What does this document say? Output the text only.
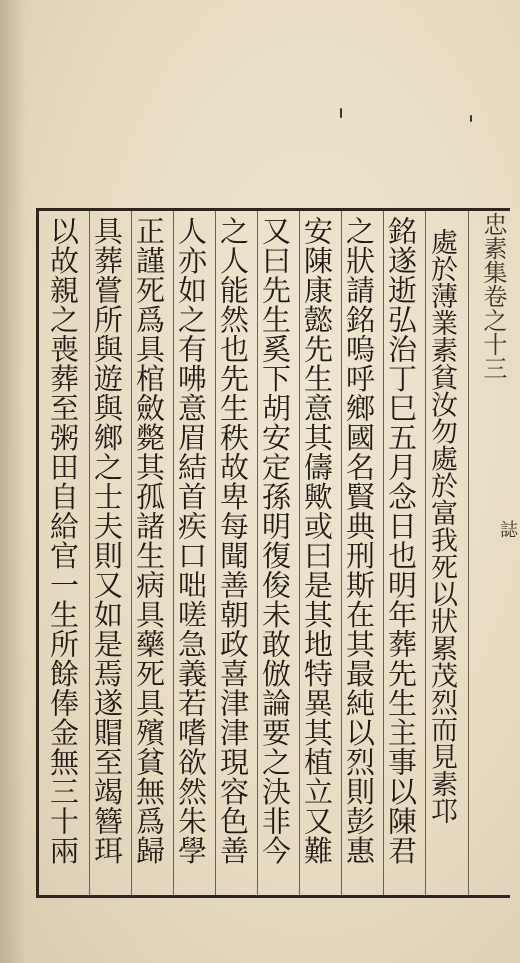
忠素集卷之十三
誌
處於薄業素貧汝勿處於富我死以狀累茂烈而見素邛
銘遂逝弘治丁巳五月念日也明年葬先生主事以陳君
之狀請銘嗚呼鄉國名賢典刑斯在其最純以烈則彭惠
安陳康懿先生意其儔歟或曰是其地特異其植立又難
又曰先生奚下胡安定孫明復俊未敢倣論要之決非今
之人能然也先生秩故卑每聞善朝政喜津津現容色善
人亦如之有咈意眉結首疾口咄嗟急義若嗜欲然朱學
正謹死爲具棺斂斃其孤諸生病具藥死具殯貧無爲歸
具葬嘗所與遊與鄉之士夫則又如是焉遂賵至竭簪珥
以故親之喪葬至粥田自給官一生所餘俸金無三十兩
